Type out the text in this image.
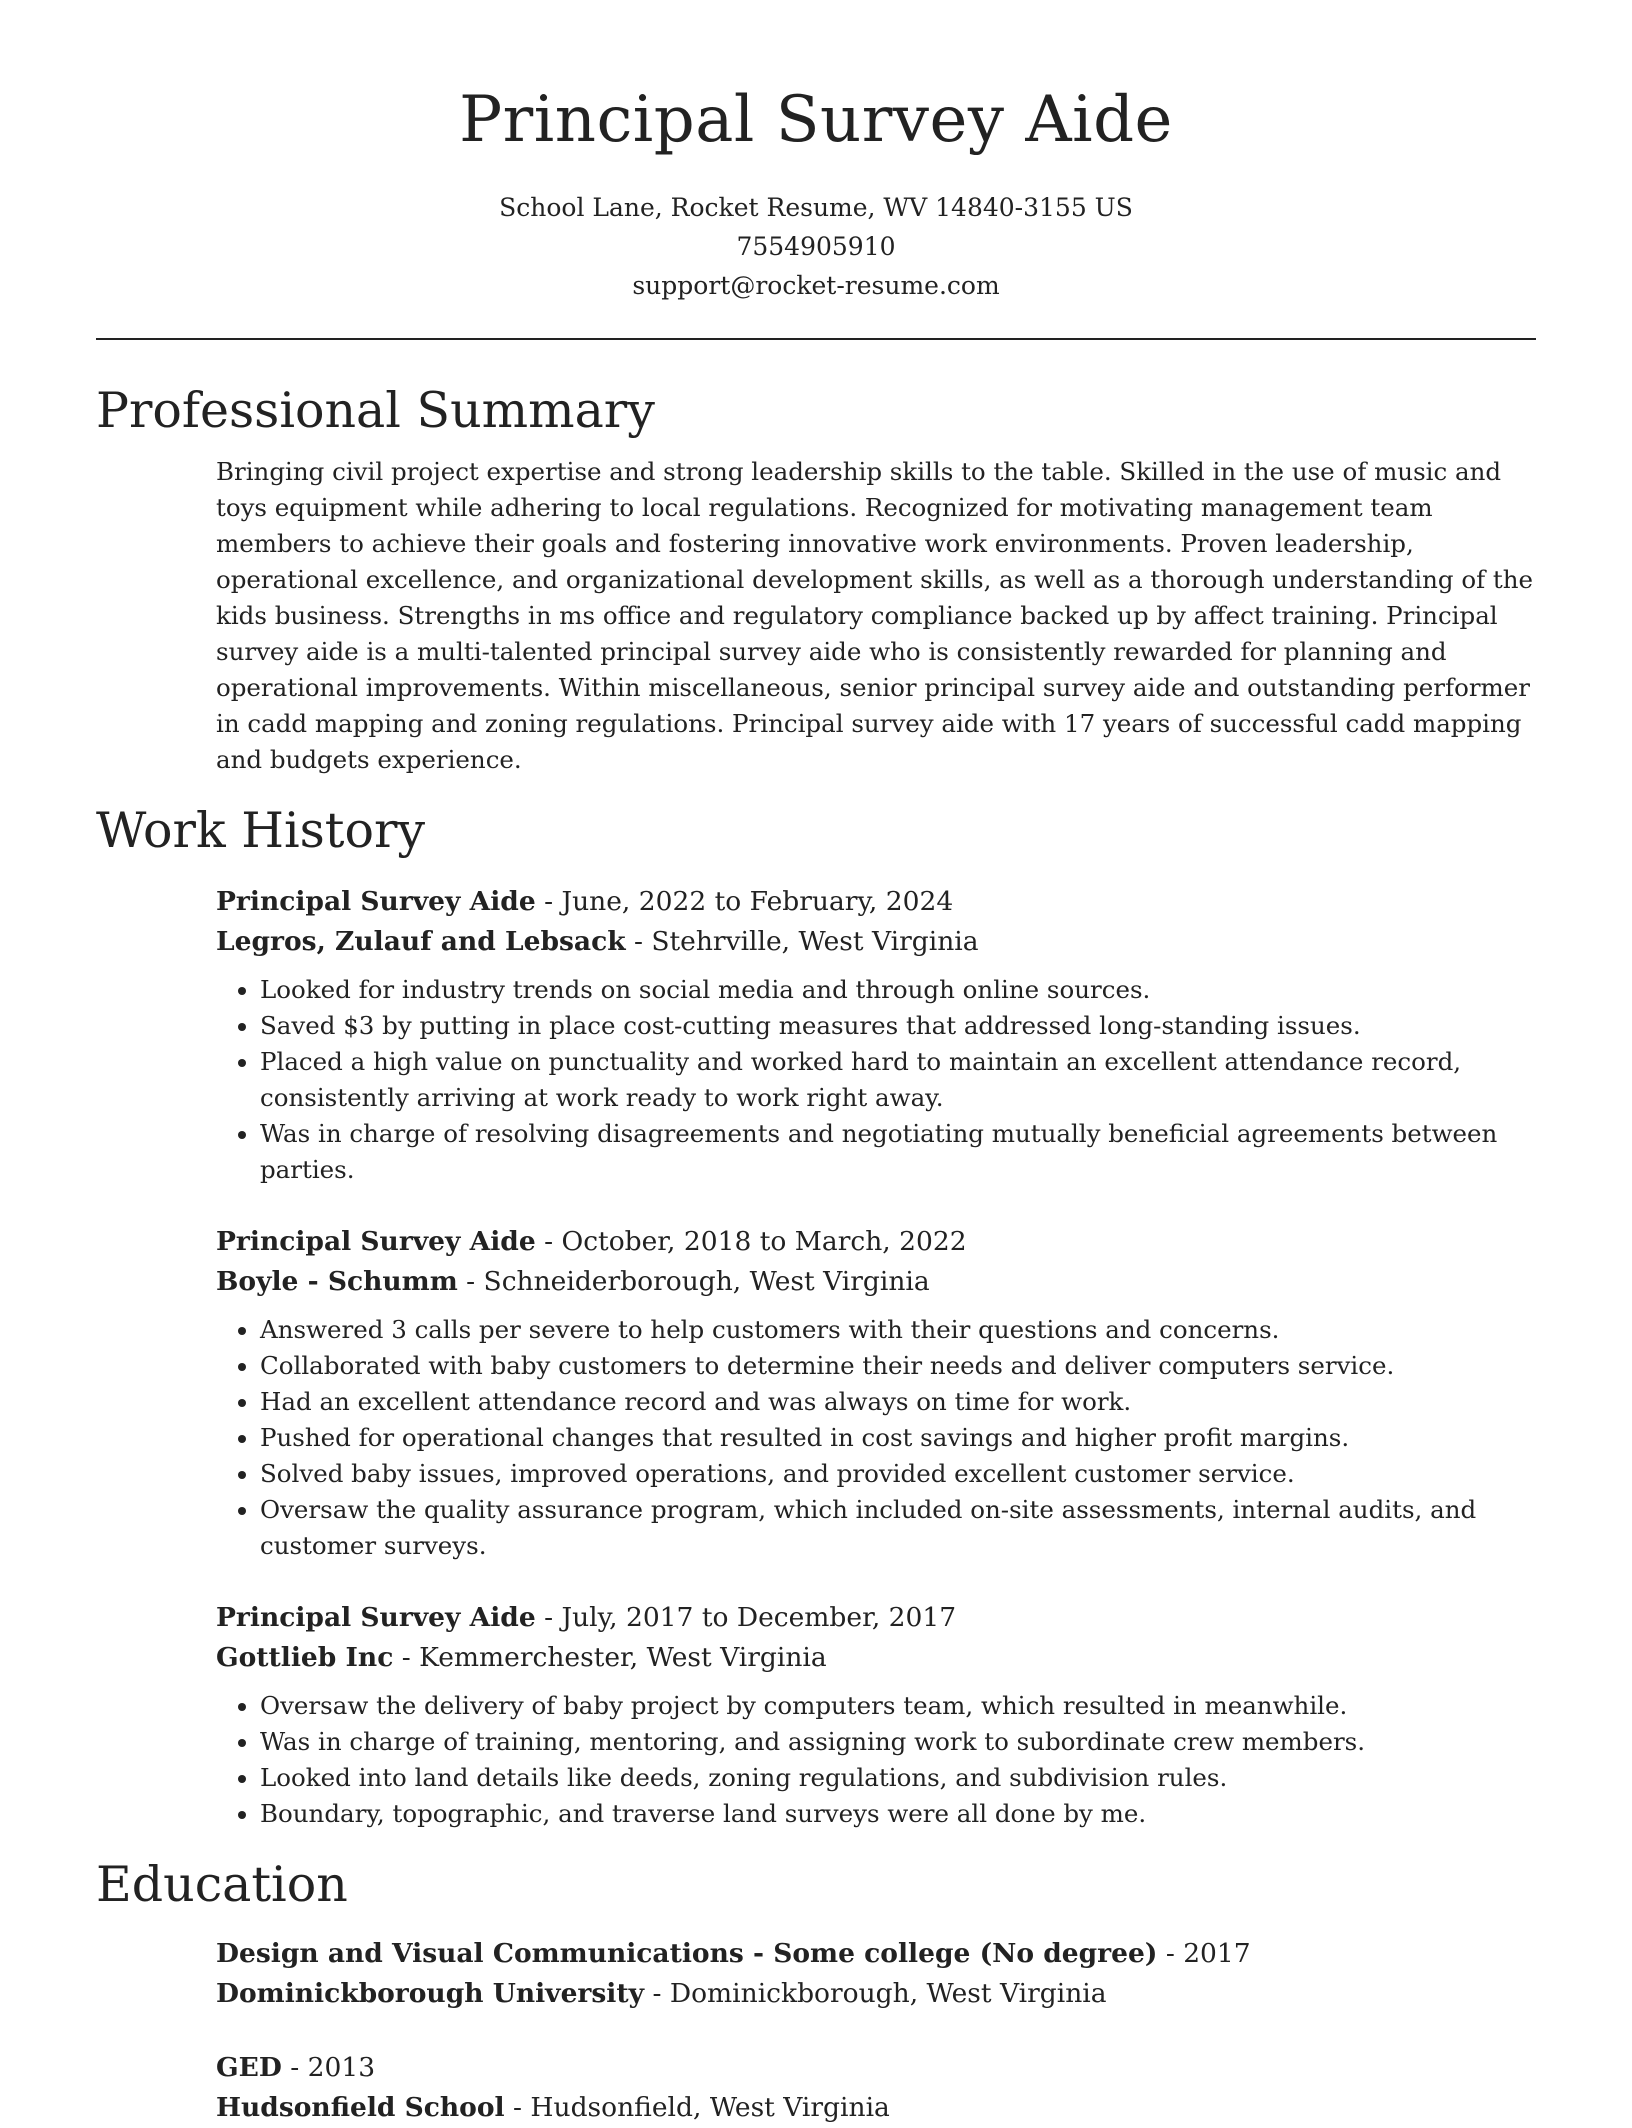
Principal Survey Aide
School Lane, Rocket Resume, WV 14840-3155 US
7554905910
support@rocket-resume.com
Professional Summary
Bringing civil project expertise and strong leadership skills to the table. Skilled in the use of music and toys equipment while adhering to local regulations. Recognized for motivating management team members to achieve their goals and fostering innovative work environments. Proven leadership, operational excellence, and organizational development skills, as well as a thorough understanding of the kids business. Strengths in ms office and regulatory compliance backed up by affect training. Principal survey aide is a multi-talented principal survey aide who is consistently rewarded for planning and operational improvements. Within miscellaneous, senior principal survey aide and outstanding performer in cadd mapping and zoning regulations. Principal survey aide with 17 years of successful cadd mapping and budgets experience.
Work History
Principal Survey Aide - June, 2022 to February, 2024
Legros, Zulauf and Lebsack - Stehrville, West Virginia
• Looked for industry trends on social media and through online sources.
• Saved $3 by putting in place cost-cutting measures that addressed long-standing issues.
• Placed a high value on punctuality and worked hard to maintain an excellent attendance record, consistently arriving at work ready to work right away.
• Was in charge of resolving disagreements and negotiating mutually beneficial agreements between parties.
Principal Survey Aide - October, 2018 to March, 2022
Boyle - Schumm - Schneiderborough, West Virginia
• Answered 3 calls per severe to help customers with their questions and concerns.
• Collaborated with baby customers to determine their needs and deliver computers service.
• Had an excellent attendance record and was always on time for work.
• Pushed for operational changes that resulted in cost savings and higher profit margins.
• Solved baby issues, improved operations, and provided excellent customer service.
• Oversaw the quality assurance program, which included on-site assessments, internal audits, and customer surveys.
Principal Survey Aide - July, 2017 to December, 2017
Gottlieb Inc - Kemmerchester, West Virginia
• Oversaw the delivery of baby project by computers team, which resulted in meanwhile.
• Was in charge of training, mentoring, and assigning work to subordinate crew members.
• Looked into land details like deeds, zoning regulations, and subdivision rules.
• Boundary, topographic, and traverse land surveys were all done by me.
Education
Design and Visual Communications - Some college (No degree) - 2017
Dominickborough University - Dominickborough, West Virginia
GED - 2013
Hudsonfield School - Hudsonfield, West Virginia
